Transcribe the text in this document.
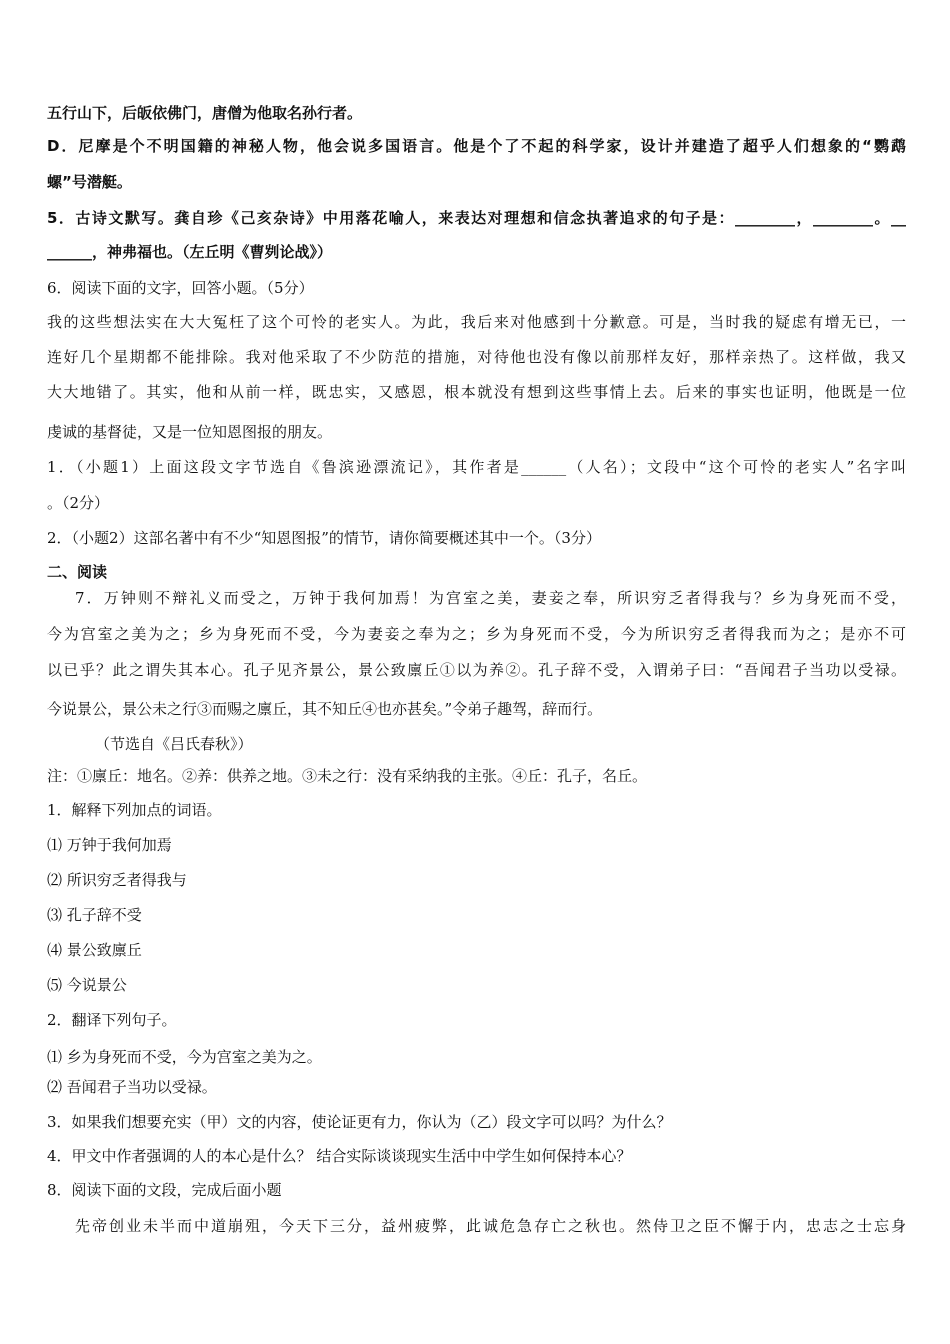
五行山下，后皈依佛门，唐僧为他取名孙行者。
D．尼摩是个不明国籍的神秘人物，他会说多国语言。他是个了不起的科学家，设计并建造了超乎人们想象的“鹦鹉
螺”号潜艇。
5．古诗文默写。龚自珍《己亥杂诗》中用落花喻人，来表达对理想和信念执著追求的句子是：________，________。__
______，神弗福也。（左丘明《曹刿论战》）
6．阅读下面的文字，回答小题。（5分）
我的这些想法实在大大冤枉了这个可怜的老实人。为此，我后来对他感到十分歉意。可是，当时我的疑虑有增无已，一
连好几个星期都不能排除。我对他采取了不少防范的措施，对待他也没有像以前那样友好，那样亲热了。这样做，我又
大大地错了。其实，他和从前一样，既忠实，又感恩，根本就没有想到这些事情上去。后来的事实也证明，他既是一位
虔诚的基督徒，又是一位知恩图报的朋友。
1．（小题1）上面这段文字节选自《鲁滨逊漂流记》，其作者是______（人名）；文段中“这个可怜的老实人”名字叫
。（2分）
2．（小题2）这部名著中有不少“知恩图报”的情节，请你简要概述其中一个。（3分）
二、阅读
7．万钟则不辩礼义而受之，万钟于我何加焉！为宫室之美，妻妾之奉，所识穷乏者得我与？乡为身死而不受，
今为宫室之美为之；乡为身死而不受，今为妻妾之奉为之；乡为身死而不受，今为所识穷乏者得我而为之；是亦不可
以已乎？此之谓失其本心。孔子见齐景公，景公致廪丘①以为养②。孔子辞不受，入谓弟子曰：“吾闻君子当功以受禄。
今说景公，景公未之行③而赐之廪丘，其不知丘④也亦甚矣。”令弟子趣驾，辞而行。
（节选自《吕氏春秋》）
注：①廪丘：地名。②养：供养之地。③未之行：没有采纳我的主张。④丘：孔子，名丘。
1．解释下列加点的词语。
⑴ 万钟于我何加焉
⑵ 所识穷乏者得我与
⑶ 孔子辞不受
⑷ 景公致廪丘
⑸ 今说景公
2．翻译下列句子。
⑴ 乡为身死而不受，今为宫室之美为之。
⑵ 吾闻君子当功以受禄。
3．如果我们想要充实（甲）文的内容，使论证更有力，你认为（乙）段文字可以吗？为什么？
4．甲文中作者强调的人的本心是什么？ 结合实际谈谈现实生活中中学生如何保持本心？
8．阅读下面的文段，完成后面小题
先帝创业未半而中道崩殂，今天下三分，益州疲弊，此诚危急存亡之秋也。然侍卫之臣不懈于内，忠志之士忘身
